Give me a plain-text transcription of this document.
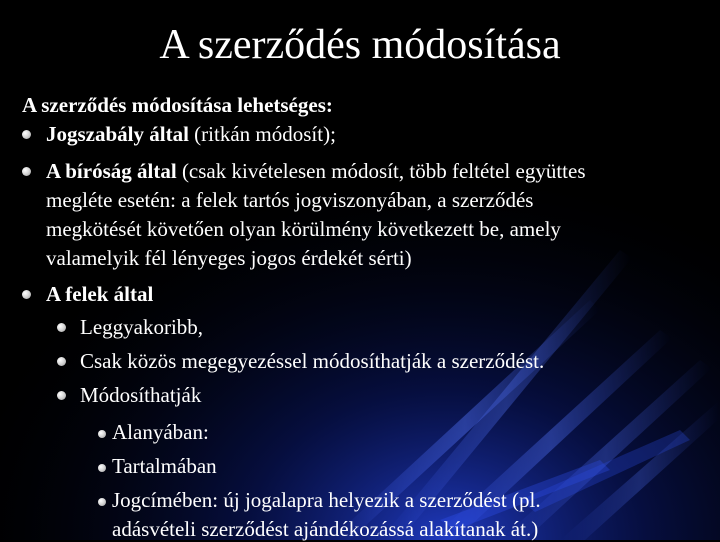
A szerződés módosítása
A szerződés módosítása lehetséges:
Jogszabály által (ritkán módosít);
A bíróság által (csak kivételesen módosít, több feltétel együttes
megléte esetén: a felek tartós jogviszonyában, a szerződés
megkötését követően olyan körülmény következett be, amely
valamelyik fél lényeges jogos érdekét sérti)
A felek által
Leggyakoribb,
Csak közös megegyezéssel módosíthatják a szerződést.
Módosíthatják
Alanyában:
Tartalmában
Jogcímében: új jogalapra helyezik a szerződést (pl.
adásvételi szerződést ajándékozássá alakítanak át.)
